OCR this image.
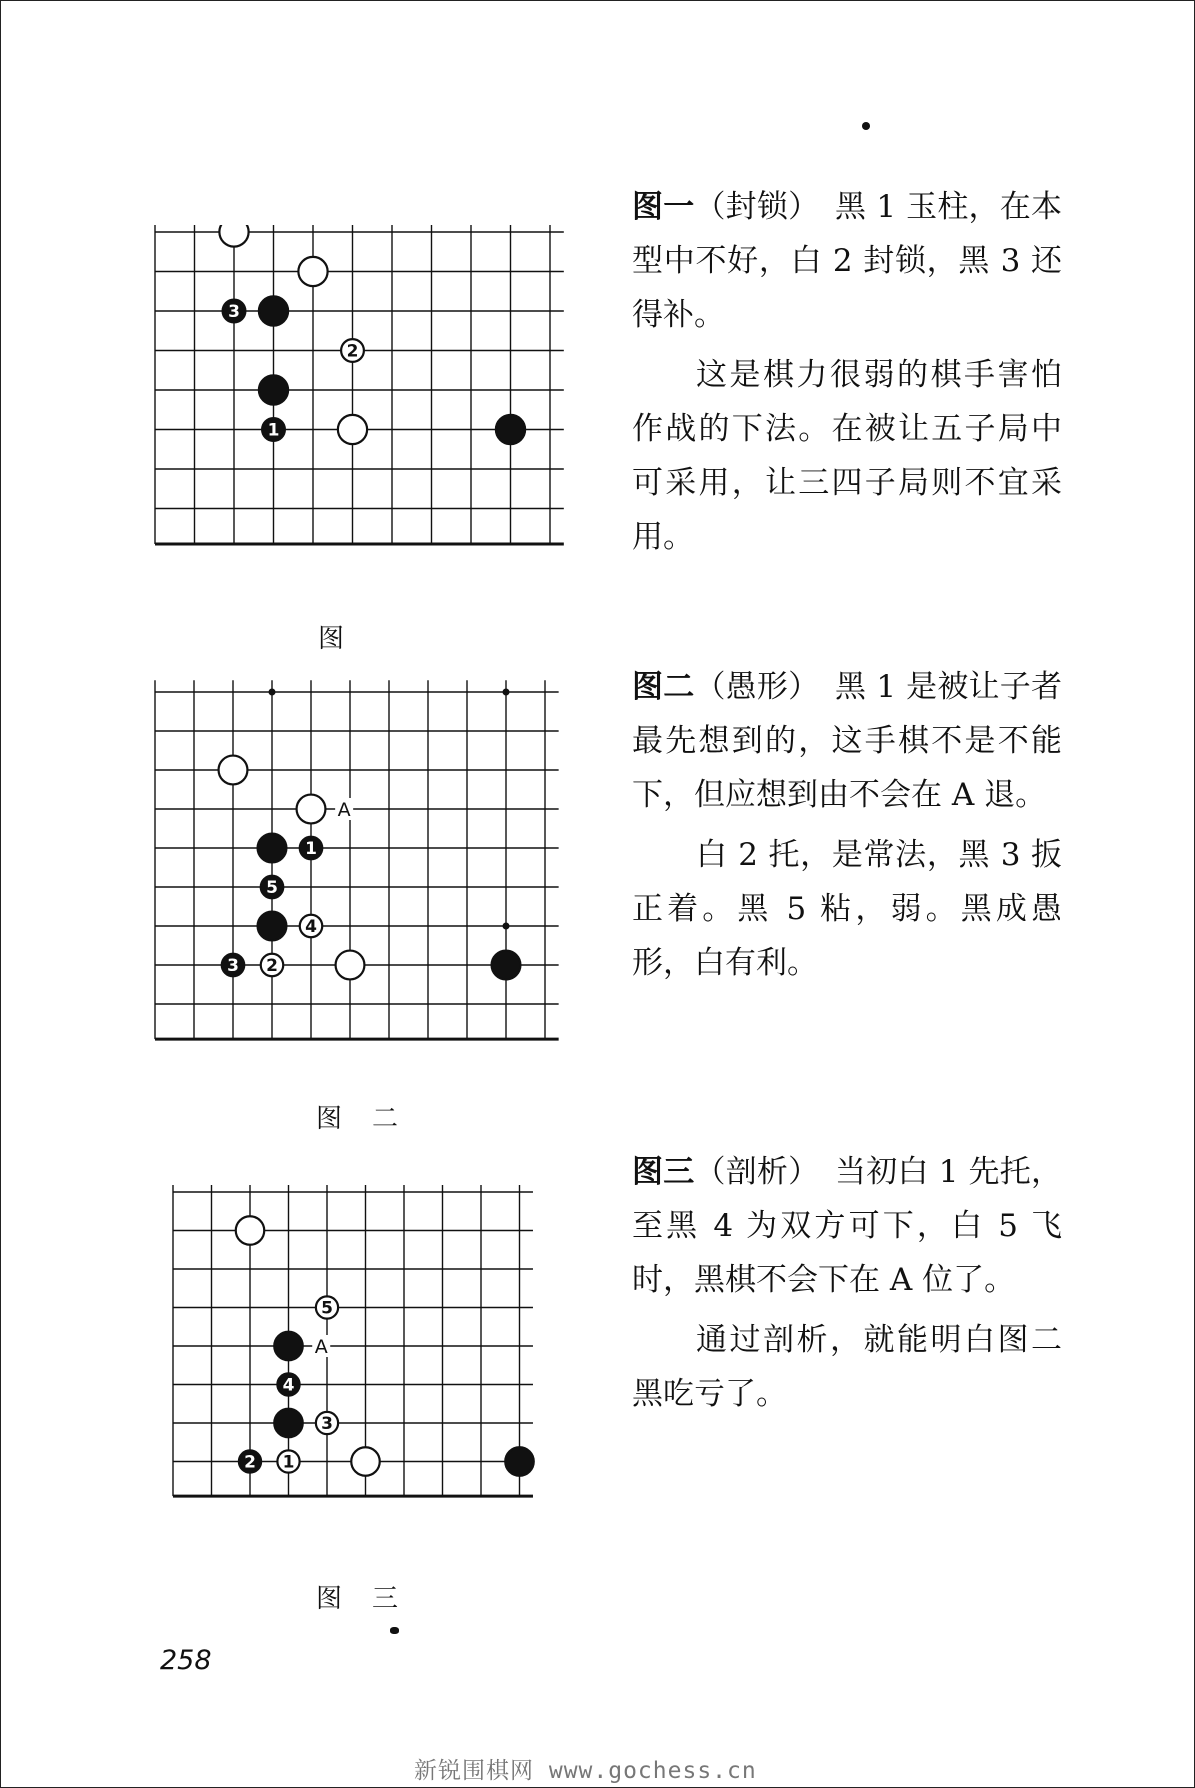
3
2
1
图

图一（封锁）　黑 1 玉柱，在本型中不好，白 2 封锁，黑 3 还得补。

这是棋力很弱的棋手害怕作战的下法。在被让五子局中可采用，让三四子局则不宜采用。

1
5
4
3 2
A
图　二

图二（愚形）　黑 1 是被让子者最先想到的，这手棋不是不能下，但应想到由不会在 A 退。

白 2 托，是常法，黑 3 扳正着。黑 5 粘，弱。黑成愚形，白有利。

5
4
3
2 1
A
图　三

图三（剖析）　当初白 1 先托，至黑 4 为双方可下，白 5 飞时，黑棋不会下在 A 位了。

通过剖析，就能明白图二黑吃亏了。

258
新锐围棋网 www.gochess.cn
